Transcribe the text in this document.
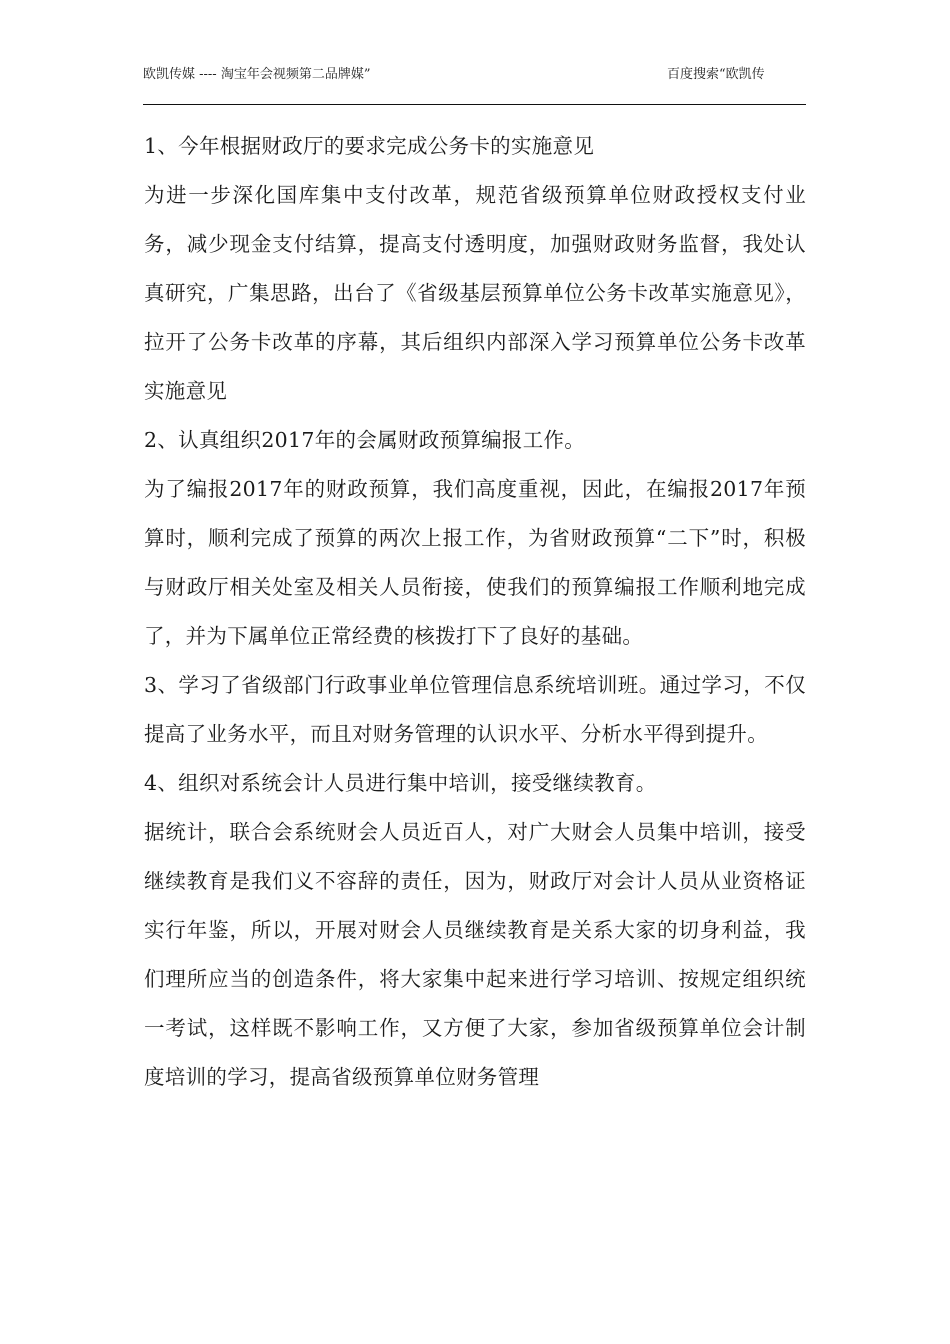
欧凯传媒 ---- 淘宝年会视频第二品牌媒”	百度搜索“欧凯传

1、今年根据财政厅的要求完成公务卡的实施意见

为进一步深化国库集中支付改革，规范省级预算单位财政授权支付业务，减少现金支付结算，提高支付透明度，加强财政财务监督，我处认真研究，广集思路，出台了《省级基层预算单位公务卡改革实施意见》，拉开了公务卡改革的序幕，其后组织内部深入学习预算单位公务卡改革实施意见

2、认真组织2017年的会属财政预算编报工作。

为了编报2017年的财政预算，我们高度重视，因此，在编报2017年预算时，顺利完成了预算的两次上报工作，为省财政预算“二下”时，积极与财政厅相关处室及相关人员衔接，使我们的预算编报工作顺利地完成了，并为下属单位正常经费的核拨打下了良好的基础。

3、学习了省级部门行政事业单位管理信息系统培训班。通过学习，不仅提高了业务水平，而且对财务管理的认识水平、分析水平得到提升。

4、组织对系统会计人员进行集中培训，接受继续教育。

据统计，联合会系统财会人员近百人，对广大财会人员集中培训，接受继续教育是我们义不容辞的责任，因为，财政厅对会计人员从业资格证实行年鉴，所以，开展对财会人员继续教育是关系大家的切身利益，我们理所应当的创造条件，将大家集中起来进行学习培训、按规定组织统一考试，这样既不影响工作，又方便了大家，参加省级预算单位会计制度培训的学习，提高省级预算单位财务管理
